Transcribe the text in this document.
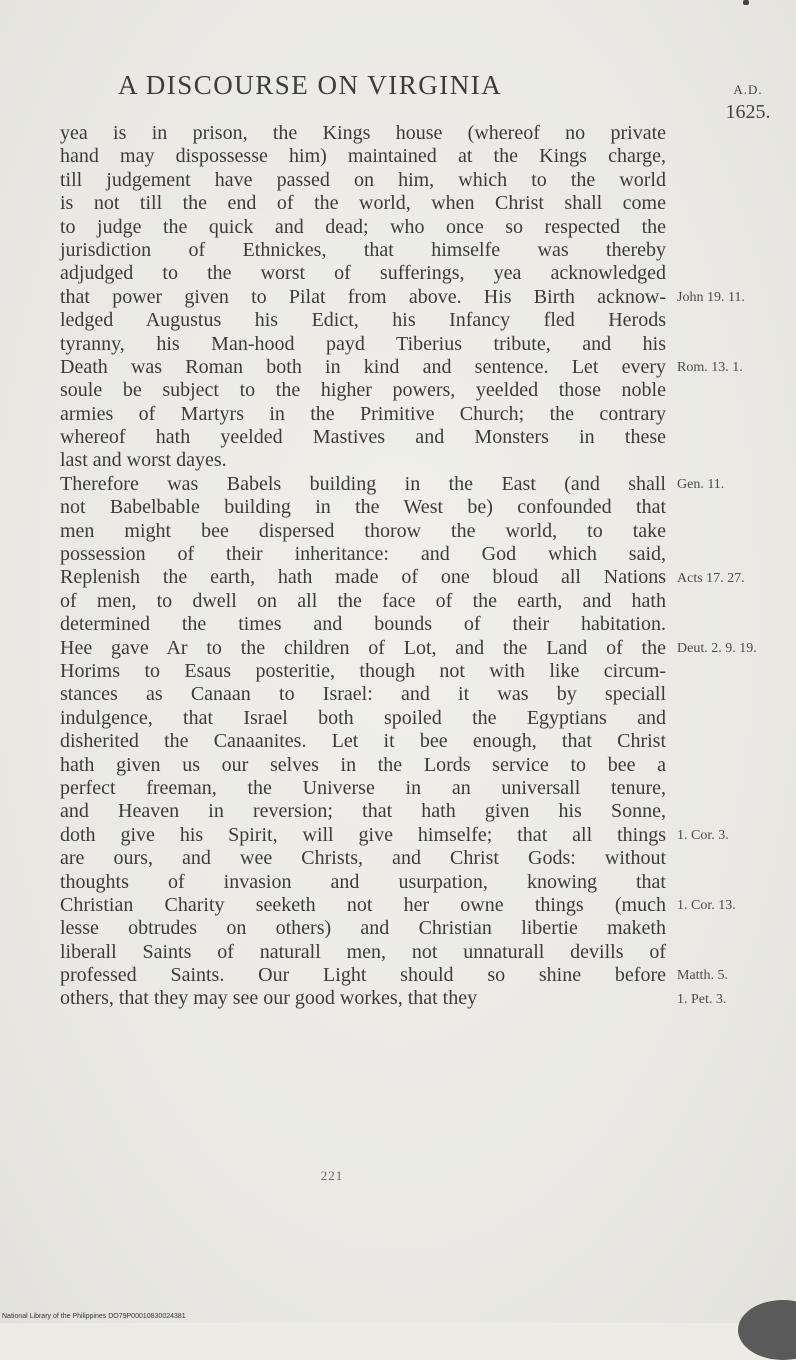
A DISCOURSE ON VIRGINIA	A.D.
1625.
yea is in prison, the Kings house (whereof no private
hand may dispossesse him) maintained at the Kings charge,
till judgement have passed on him, which to the world
is not till the end of the world, when Christ shall come
to judge the quick and dead; who once so respected the
jurisdiction of Ethnickes, that himselfe was thereby
adjudged to the worst of sufferings, yea acknowledged
that power given to Pilat from above. His Birth acknow-
ledged Augustus his Edict, his Infancy fled Herods
tyranny, his Man-hood payd Tiberius tribute, and his
Death was Roman both in kind and sentence. Let every
soule be subject to the higher powers, yeelded those noble
armies of Martyrs in the Primitive Church; the contrary
whereof hath yeelded Mastives and Monsters in these
last and worst dayes.
Therefore was Babels building in the East (and shall
not Babelbable building in the West be) confounded that
men might bee dispersed thorow the world, to take
possession of their inheritance: and God which said,
Replenish the earth, hath made of one bloud all Nations
of men, to dwell on all the face of the earth, and hath
determined the times and bounds of their habitation.
Hee gave Ar to the children of Lot, and the Land of the
Horims to Esaus posteritie, though not with like circum-
stances as Canaan to Israel: and it was by speciall
indulgence, that Israel both spoiled the Egyptians and
disherited the Canaanites. Let it bee enough, that Christ
hath given us our selves in the Lords service to bee a
perfect freeman, the Universe in an universall tenure,
and Heaven in reversion; that hath given his Sonne,
doth give his Spirit, will give himselfe; that all things
are ours, and wee Christs, and Christ Gods: without
thoughts of invasion and usurpation, knowing that
Christian Charity seeketh not her owne things (much
lesse obtrudes on others) and Christian libertie maketh
liberall Saints of naturall men, not unnaturall devills of
professed Saints. Our Light should so shine before
others, that they may see our good workes, that they
John 19. 11.
Rom. 13. 1.
Gen. 11.
Acts 17. 27.
Deut. 2. 9. 19.
1. Cor. 3.
1. Cor. 13.
Matth. 5.
1. Pet. 3.
221
National Library of the Philippines DO79P00010830024381
